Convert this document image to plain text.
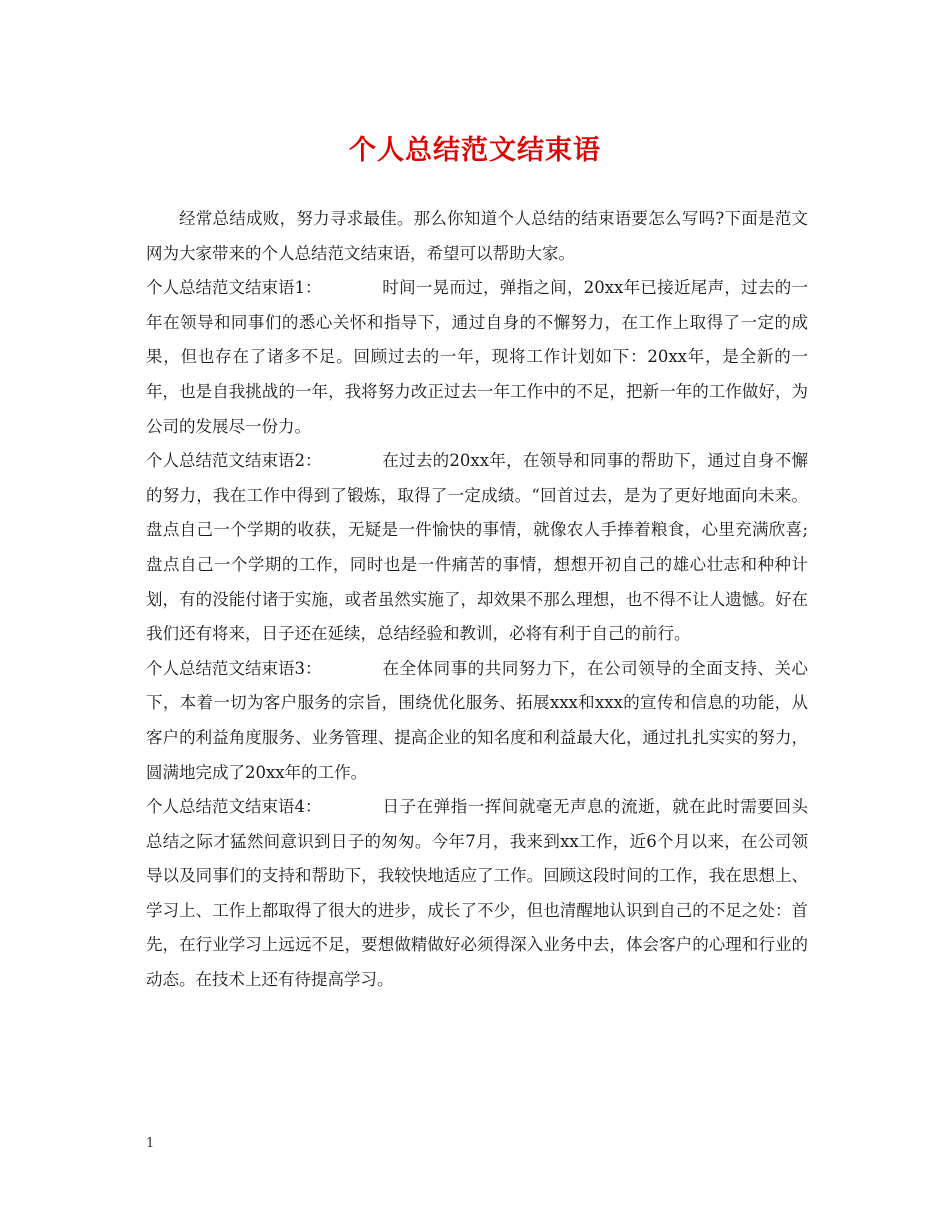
个人总结范文结束语

经常总结成败，努力寻求最佳。那么你知道个人总结的结束语要怎么写吗?下面是范文网为大家带来的个人总结范文结束语，希望可以帮助大家。

个人总结范文结束语1：	时间一晃而过，弹指之间，20xx年已接近尾声，过去的一年在领导和同事们的悉心关怀和指导下，通过自身的不懈努力，在工作上取得了一定的成果，但也存在了诸多不足。回顾过去的一年，现将工作计划如下：20xx年，是全新的一年，也是自我挑战的一年，我将努力改正过去一年工作中的不足，把新一年的工作做好，为公司的发展尽一份力。

个人总结范文结束语2：	在过去的20xx年，在领导和同事的帮助下，通过自身不懈的努力，我在工作中得到了锻炼，取得了一定成绩。“回首过去，是为了更好地面向未来。盘点自己一个学期的收获，无疑是一件愉快的事情，就像农人手捧着粮食，心里充满欣喜;盘点自己一个学期的工作，同时也是一件痛苦的事情，想想开初自己的雄心壮志和种种计划，有的没能付诸于实施，或者虽然实施了，却效果不那么理想，也不得不让人遗憾。好在我们还有将来，日子还在延续，总结经验和教训，必将有利于自己的前行。

个人总结范文结束语3：	在全体同事的共同努力下，在公司领导的全面支持、关心下，本着一切为客户服务的宗旨，围绕优化服务、拓展xxx和xxx的宣传和信息的功能，从客户的利益角度服务、业务管理、提高企业的知名度和利益最大化，通过扎扎实实的努力，圆满地完成了20xx年的工作。

个人总结范文结束语4：	日子在弹指一挥间就毫无声息的流逝，就在此时需要回头总结之际才猛然间意识到日子的匆匆。今年7月，我来到xx工作，近6个月以来，在公司领导以及同事们的支持和帮助下，我较快地适应了工作。回顾这段时间的工作，我在思想上、学习上、工作上都取得了很大的进步，成长了不少，但也清醒地认识到自己的不足之处：首先，在行业学习上远远不足，要想做精做好必须得深入业务中去，体会客户的心理和行业的动态。在技术上还有待提高学习。

1
